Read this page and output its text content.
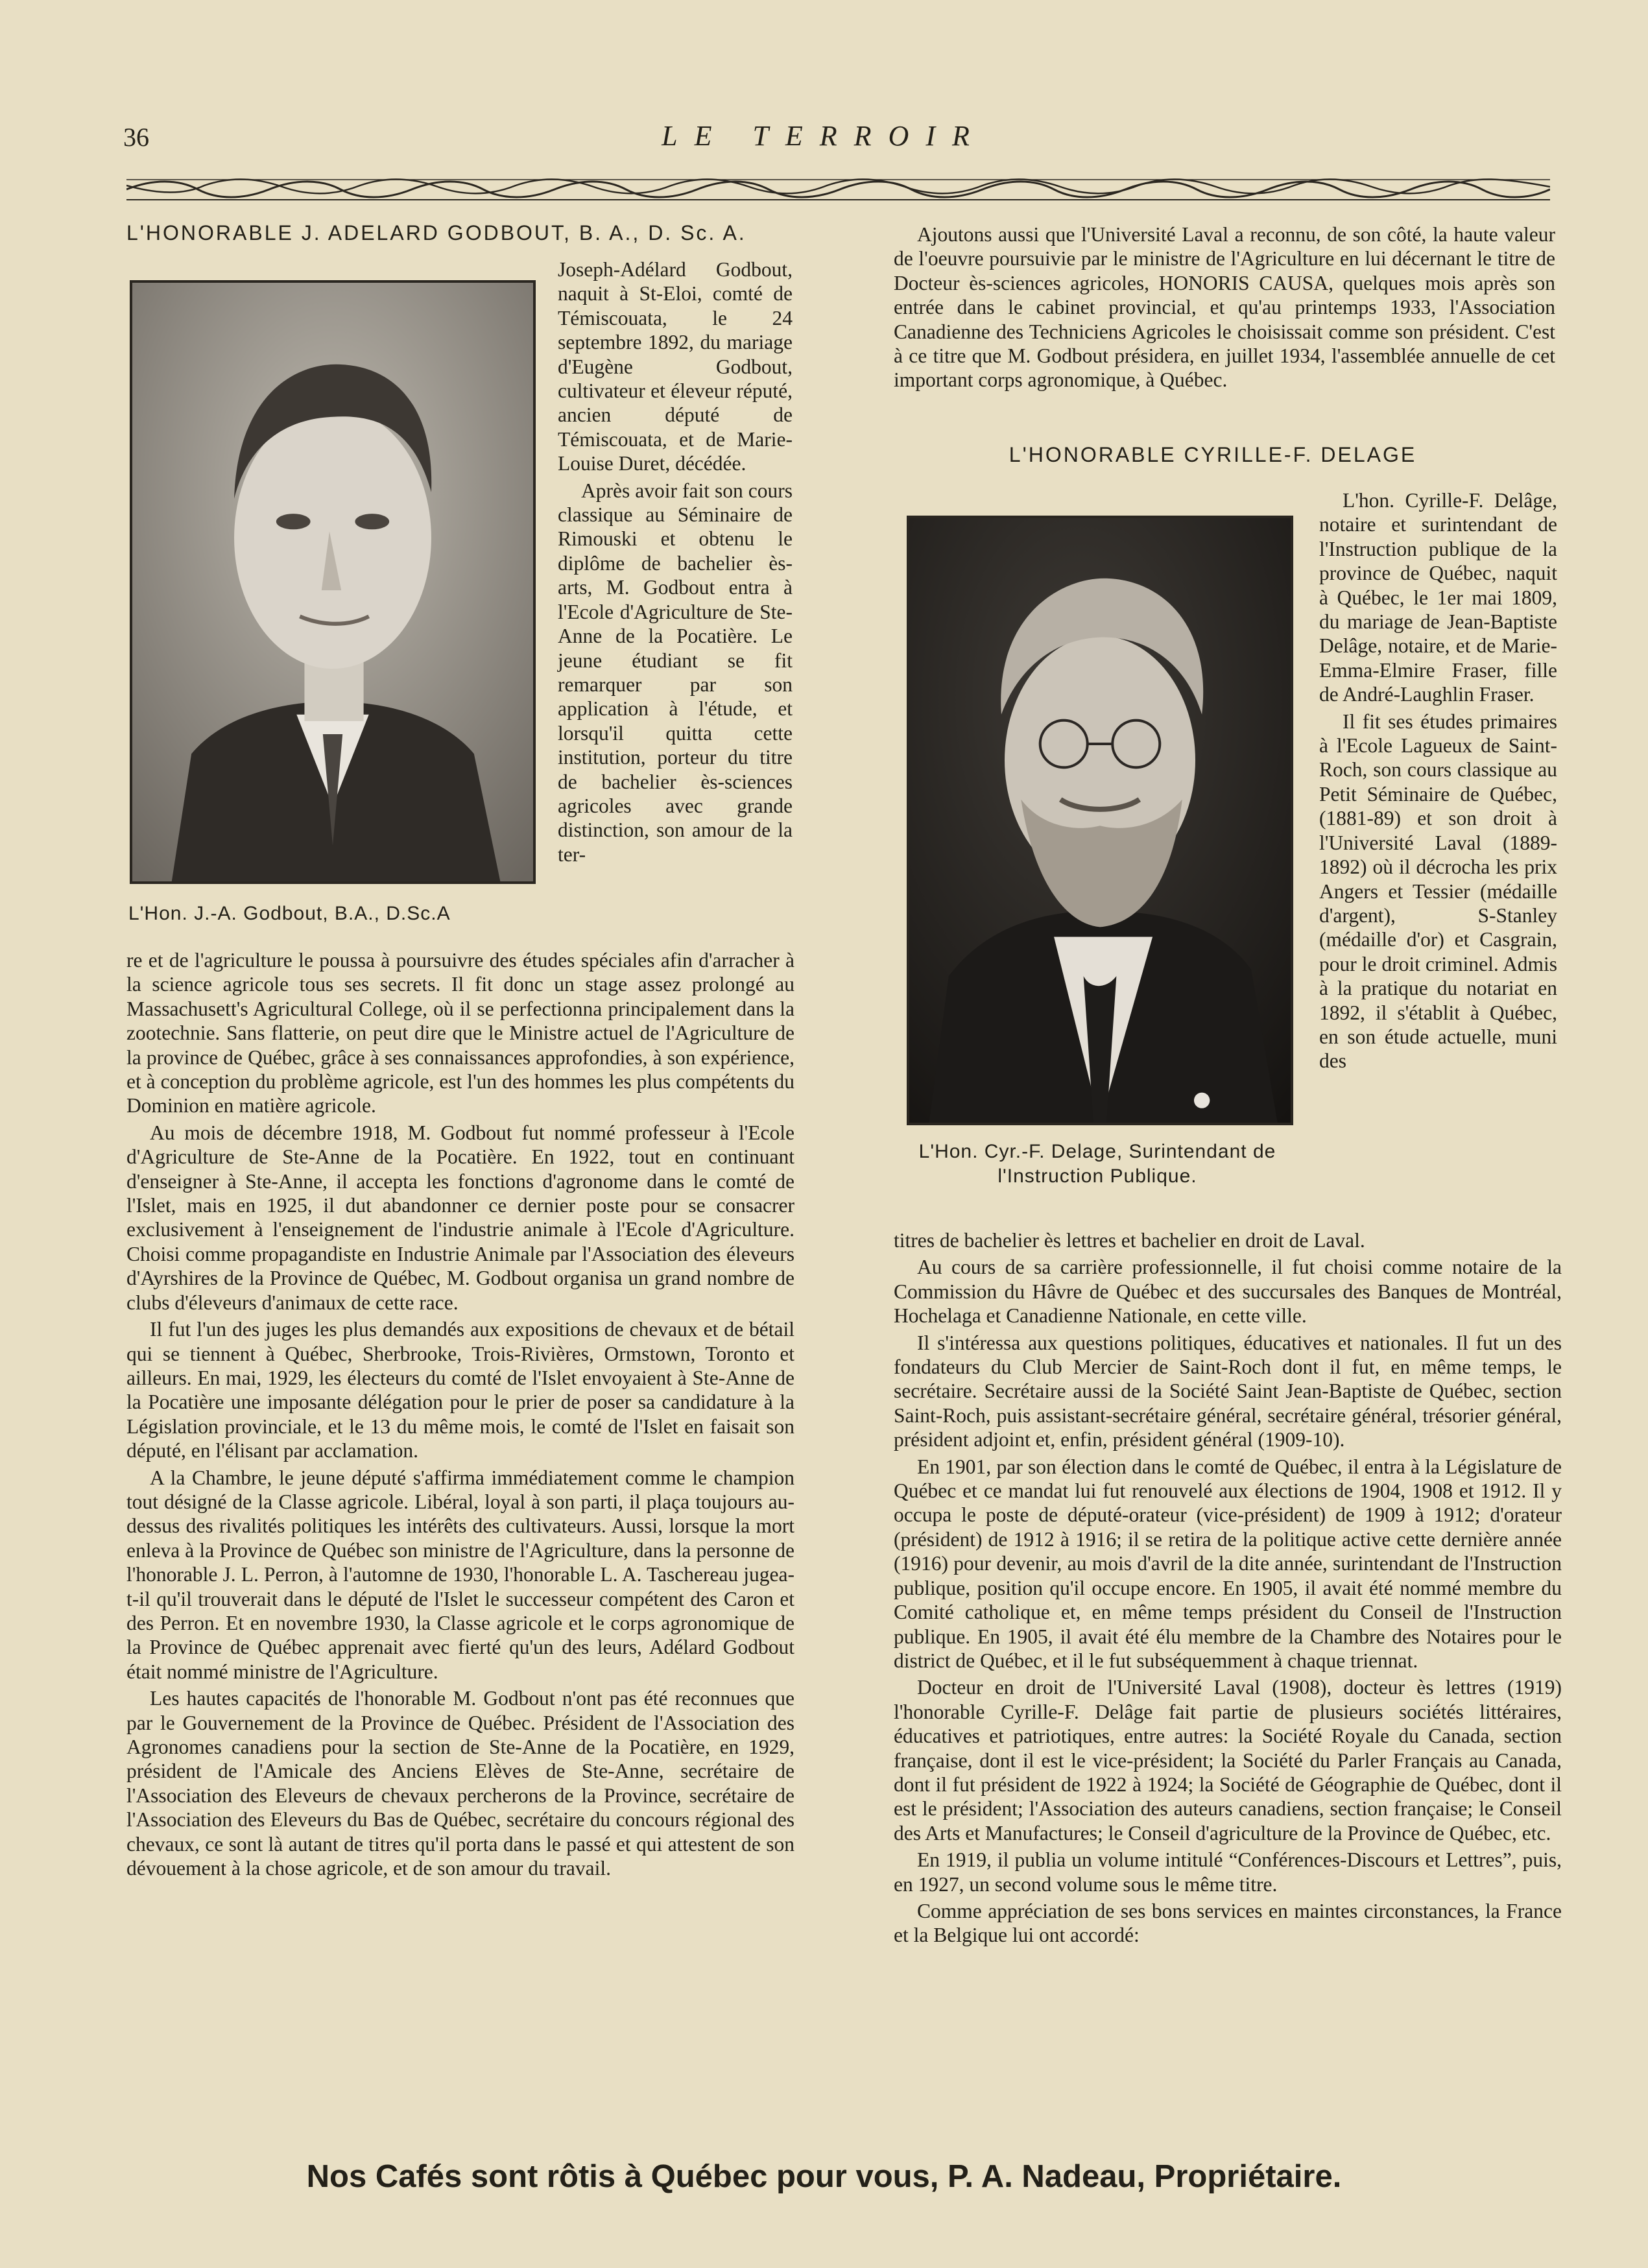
36	LE TERROIR
L'HONORABLE J. ADELARD GODBOUT, B. A., D. Sc. A.
L'Hon. J.-A. Godbout, B.A., D.Sc.A

Joseph-Adélard Godbout, naquit à St-Eloi, comté de Témiscouata, le 24 septembre 1892, du mariage d'Eugène Godbout, cultivateur et éleveur réputé, ancien député de Témiscouata, et de Marie-Louise Duret, décédée.

Après avoir fait son cours classique au Séminaire de Rimouski et obtenu le diplôme de bachelier ès-arts, M. Godbout entra à l'Ecole d'Agriculture de Ste-Anne de la Pocatière. Le jeune étudiant se fit remarquer par son application à l'étude, et lorsqu'il quitta cette institution, porteur du titre de bachelier ès-sciences agricoles avec grande distinction, son amour de la ter-

re et de l'agriculture le poussa à poursuivre des études spéciales afin d'arracher à la science agricole tous ses secrets. Il fit donc un stage assez prolongé au Massachusett's Agricultural College, où il se perfectionna principalement dans la zootechnie. Sans flatterie, on peut dire que le Ministre actuel de l'Agriculture de la province de Québec, grâce à ses connaissances approfondies, à son expérience, et à conception du problème agricole, est l'un des hommes les plus compétents du Dominion en matière agricole.

Au mois de décembre 1918, M. Godbout fut nommé professeur à l'Ecole d'Agriculture de Ste-Anne de la Pocatière. En 1922, tout en continuant d'enseigner à Ste-Anne, il accepta les fonctions d'agronome dans le comté de l'Islet, mais en 1925, il dut abandonner ce dernier poste pour se consacrer exclusivement à l'enseignement de l'industrie animale à l'Ecole d'Agriculture. Choisi comme propagandiste en Industrie Animale par l'Association des éleveurs d'Ayrshires de la Province de Québec, M. Godbout organisa un grand nombre de clubs d'éleveurs d'animaux de cette race.

Il fut l'un des juges les plus demandés aux expositions de chevaux et de bétail qui se tiennent à Québec, Sherbrooke, Trois-Rivières, Ormstown, Toronto et ailleurs. En mai, 1929, les électeurs du comté de l'Islet envoyaient à Ste-Anne de la Pocatière une imposante délégation pour le prier de poser sa candidature à la Législation provinciale, et le 13 du même mois, le comté de l'Islet en faisait son député, en l'élisant par acclamation.

A la Chambre, le jeune député s'affirma immédiatement comme le champion tout désigné de la Classe agricole. Libéral, loyal à son parti, il plaça toujours au-dessus des rivalités politiques les intérêts des cultivateurs. Aussi, lorsque la mort enleva à la Province de Québec son ministre de l'Agriculture, dans la personne de l'honorable J. L. Perron, à l'automne de 1930, l'honorable L. A. Taschereau jugea-t-il qu'il trouverait dans le député de l'Islet le successeur compétent des Caron et des Perron. Et en novembre 1930, la Classe agricole et le corps agronomique de la Province de Québec apprenait avec fierté qu'un des leurs, Adélard Godbout était nommé ministre de l'Agriculture.

Les hautes capacités de l'honorable M. Godbout n'ont pas été reconnues que par le Gouvernement de la Province de Québec. Président de l'Association des Agronomes canadiens pour la section de Ste-Anne de la Pocatière, en 1929, président de l'Amicale des Anciens Elèves de Ste-Anne, secrétaire de l'Association des Eleveurs de chevaux percherons de la Province, secrétaire de l'Association des Eleveurs du Bas de Québec, secrétaire du concours régional des chevaux, ce sont là autant de titres qu'il porta dans le passé et qui attestent de son dévouement à la chose agricole, et de son amour du travail.

Ajoutons aussi que l'Université Laval a reconnu, de son côté, la haute valeur de l'oeuvre poursuivie par le ministre de l'Agriculture en lui décernant le titre de Docteur ès-sciences agricoles, HONORIS CAUSA, quelques mois après son entrée dans le cabinet provincial, et qu'au printemps 1933, l'Association Canadienne des Techniciens Agricoles le choisissait comme son président. C'est à ce titre que M. Godbout présidera, en juillet 1934, l'assemblée annuelle de cet important corps agronomique, à Québec.

L'HONORABLE CYRILLE-F. DELAGE
L'Hon. Cyr.-F. Delage, Surintendant de l'Instruction Publique.

L'hon. Cyrille-F. Delâge, notaire et surintendant de l'Instruction publique de la province de Québec, naquit à Québec, le 1er mai 1809, du mariage de Jean-Baptiste Delâge, notaire, et de Marie-Emma-Elmire Fraser, fille de André-Laughlin Fraser.

Il fit ses études primaires à l'Ecole Lagueux de Saint-Roch, son cours classique au Petit Séminaire de Québec, (1881-89) et son droit à l'Université Laval (1889-1892) où il décrocha les prix Angers et Tessier (médaille d'argent), S-Stanley (médaille d'or) et Casgrain, pour le droit criminel. Admis à la pratique du notariat en 1892, il s'établit à Québec, en son étude actuelle, muni des

titres de bachelier ès lettres et bachelier en droit de Laval.

Au cours de sa carrière professionnelle, il fut choisi comme notaire de la Commission du Hâvre de Québec et des succursales des Banques de Montréal, Hochelaga et Canadienne Nationale, en cette ville.

Il s'intéressa aux questions politiques, éducatives et nationales. Il fut un des fondateurs du Club Mercier de Saint-Roch dont il fut, en même temps, le secrétaire. Secrétaire aussi de la Société Saint Jean-Baptiste de Québec, section Saint-Roch, puis assistant-secrétaire général, secrétaire général, trésorier général, président adjoint et, enfin, président général (1909-10).

En 1901, par son élection dans le comté de Québec, il entra à la Législature de Québec et ce mandat lui fut renouvelé aux élections de 1904, 1908 et 1912. Il y occupa le poste de député-orateur (vice-président) de 1909 à 1912; d'orateur (président) de 1912 à 1916; il se retira de la politique active cette dernière année (1916) pour devenir, au mois d'avril de la dite année, surintendant de l'Instruction publique, position qu'il occupe encore. En 1905, il avait été nommé membre du Comité catholique et, en même temps président du Conseil de l'Instruction publique. En 1905, il avait été élu membre de la Chambre des Notaires pour le district de Québec, et il le fut subséquemment à chaque triennat.

Docteur en droit de l'Université Laval (1908), docteur ès lettres (1919) l'honorable Cyrille-F. Delâge fait partie de plusieurs sociétés littéraires, éducatives et patriotiques, entre autres: la Société Royale du Canada, section française, dont il est le vice-président; la Société du Parler Français au Canada, dont il fut président de 1922 à 1924; la Société de Géographie de Québec, dont il est le président; l'Association des auteurs canadiens, section française; le Conseil des Arts et Manufactures; le Conseil d'agriculture de la Province de Québec, etc.

En 1919, il publia un volume intitulé “Conférences-Discours et Lettres”, puis, en 1927, un second volume sous le même titre.

Comme appréciation de ses bons services en maintes circonstances, la France et la Belgique lui ont accordé:

Nos Cafés sont rôtis à Québec pour vous, P. A. Nadeau, Propriétaire.
